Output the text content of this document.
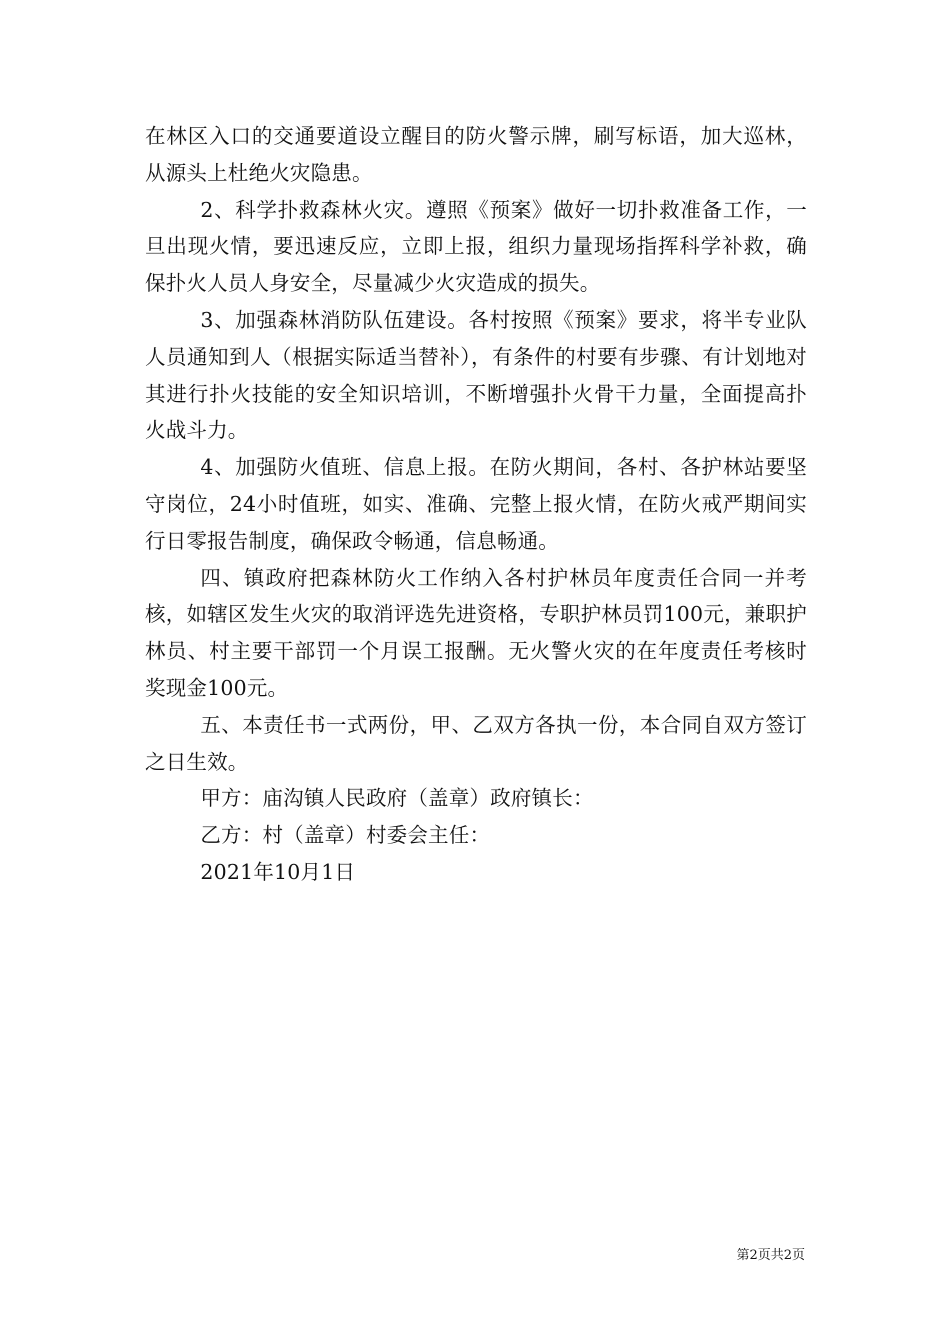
在林区入口的交通要道设立醒目的防火警示牌，刷写标语，加大巡林，从源头上杜绝火灾隐患。

2、科学扑救森林火灾。遵照《预案》做好一切扑救准备工作，一旦出现火情，要迅速反应，立即上报，组织力量现场指挥科学补救，确保扑火人员人身安全，尽量减少火灾造成的损失。

3、加强森林消防队伍建设。各村按照《预案》要求，将半专业队人员通知到人（根据实际适当替补），有条件的村要有步骤、有计划地对其进行扑火技能的安全知识培训，不断增强扑火骨干力量，全面提高扑火战斗力。

4、加强防火值班、信息上报。在防火期间，各村、各护林站要坚守岗位，24小时值班，如实、准确、完整上报火情，在防火戒严期间实行日零报告制度，确保政令畅通，信息畅通。

四、镇政府把森林防火工作纳入各村护林员年度责任合同一并考核，如辖区发生火灾的取消评选先进资格，专职护林员罚100元，兼职护林员、村主要干部罚一个月误工报酬。无火警火灾的在年度责任考核时奖现金100元。

五、本责任书一式两份，甲、乙双方各执一份，本合同自双方签订之日生效。

甲方：庙沟镇人民政府（盖章）政府镇长：

乙方：村（盖章）村委会主任：

2021年10月1日

第2页共2页
